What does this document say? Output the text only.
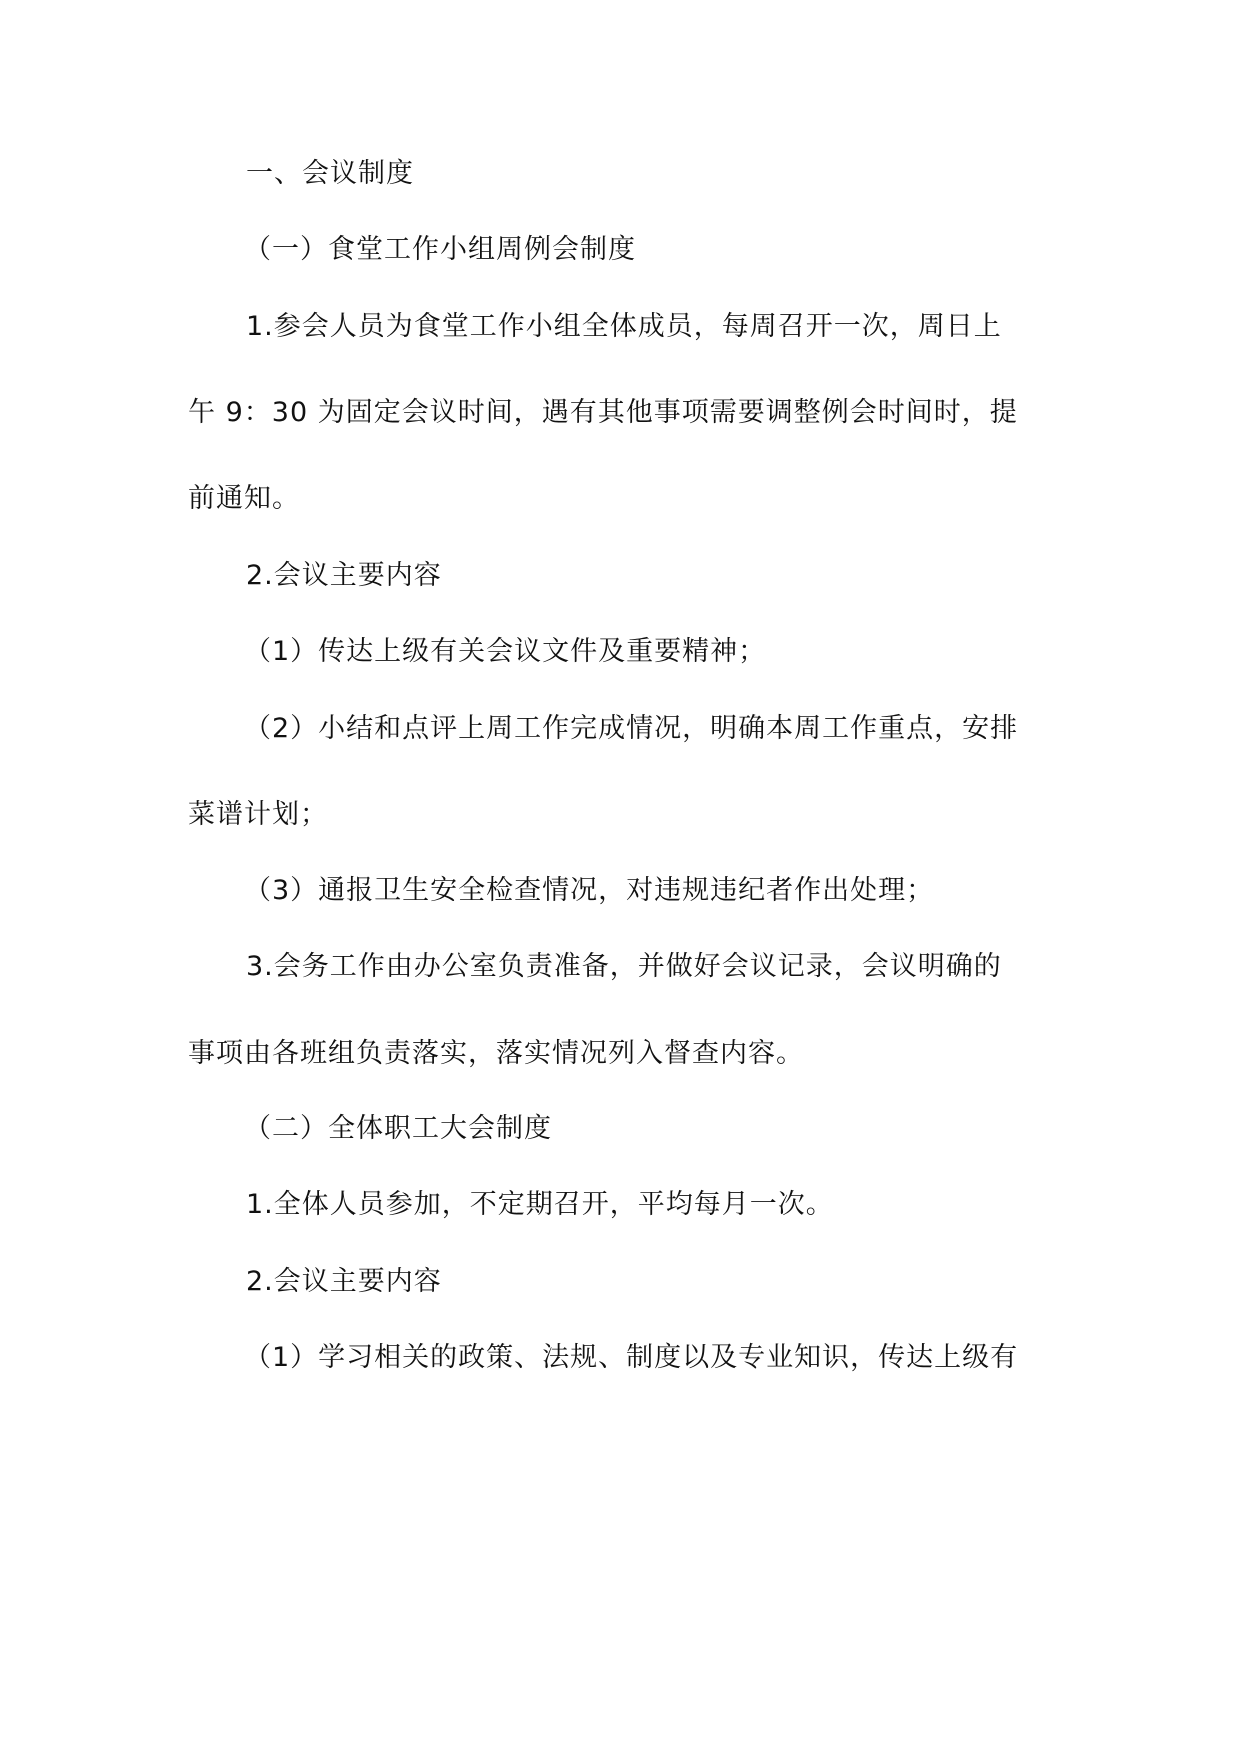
一、会议制度
（一）食堂工作小组周例会制度
1.参会人员为食堂工作小组全体成员，每周召开一次，周日上
午 9：30 为固定会议时间，遇有其他事项需要调整例会时间时，提
前通知。
2.会议主要内容
（1）传达上级有关会议文件及重要精神；
（2）小结和点评上周工作完成情况，明确本周工作重点，安排
菜谱计划；
（3）通报卫生安全检查情况，对违规违纪者作出处理；
3.会务工作由办公室负责准备，并做好会议记录，会议明确的
事项由各班组负责落实，落实情况列入督查内容。
（二）全体职工大会制度
1.全体人员参加，不定期召开，平均每月一次。
2.会议主要内容
（1）学习相关的政策、法规、制度以及专业知识，传达上级有
